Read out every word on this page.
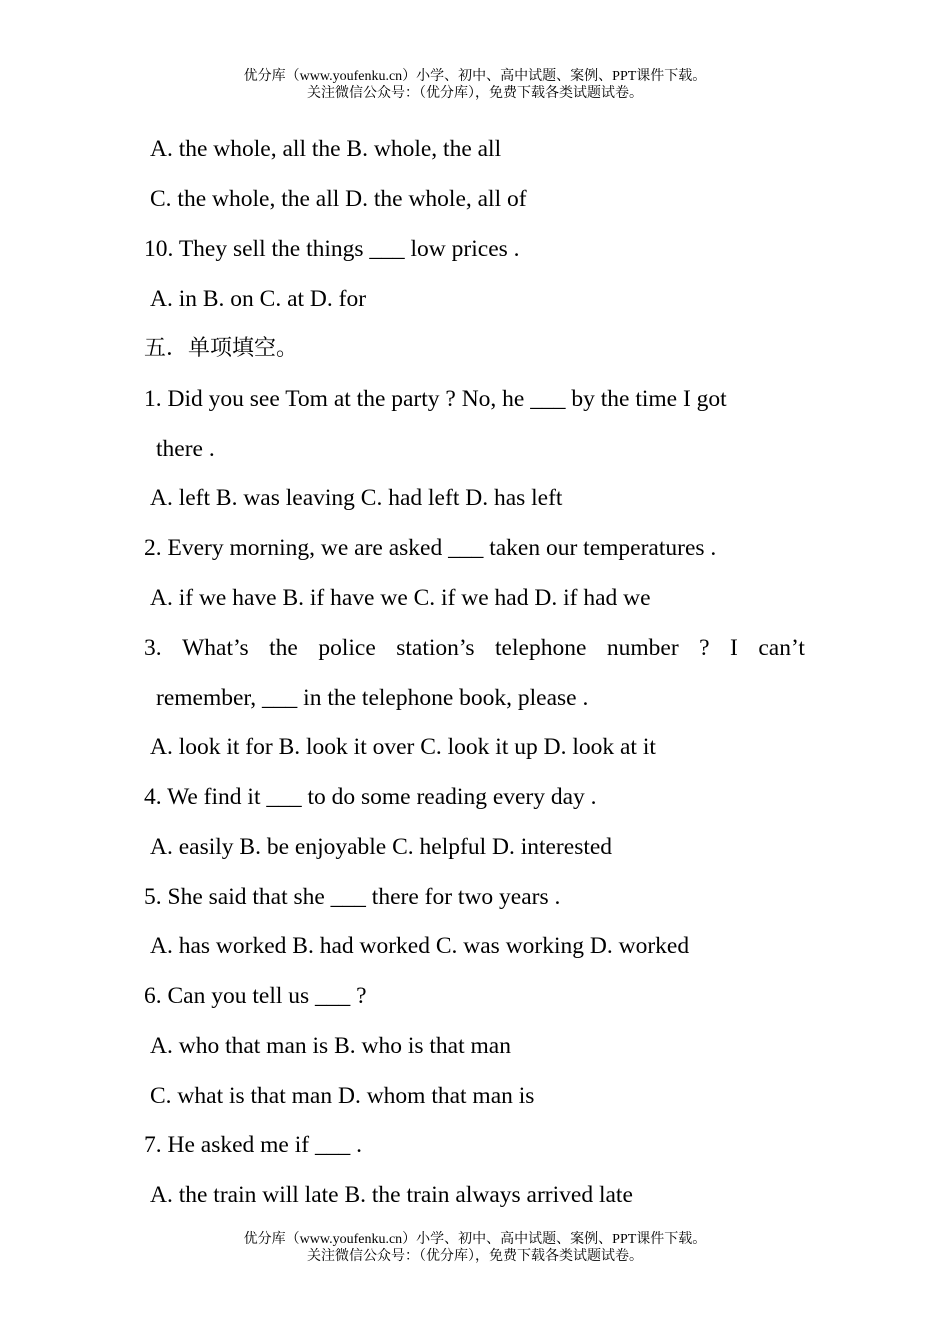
优分库（www.youfenku.cn）小学、初中、高中试题、案例、PPT课件下载。
关注微信公众号：（优分库），免费下载各类试题试卷。
A. the whole, all the B. whole, the all
C. the whole, the all D. the whole, all of
10. They sell the things ___ low prices .
A. in B. on C. at D. for
五．单项填空。
1. Did you see Tom at the party ? No, he ___ by the time I got
there .
A. left B. was leaving C. had left D. has left
2. Every morning, we are asked ___ taken our temperatures .
A. if we have B. if have we C. if we had D. if had we
3. What’s the police station’s telephone number ? I can’t
remember, ___ in the telephone book, please .
A. look it for B. look it over C. look it up D. look at it
4. We find it ___ to do some reading every day .
A. easily B. be enjoyable C. helpful D. interested
5. She said that she ___ there for two years .
A. has worked B. had worked C. was working D. worked
6. Can you tell us ___ ?
A. who that man is B. who is that man
C. what is that man D. whom that man is
7. He asked me if ___ .
A. the train will late B. the train always arrived late
优分库（www.youfenku.cn）小学、初中、高中试题、案例、PPT课件下载。
关注微信公众号：（优分库），免费下载各类试题试卷。
